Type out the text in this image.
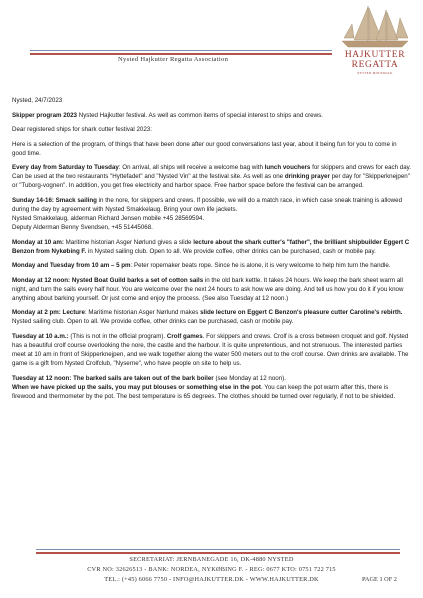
Nysted Hajkutter Regatta Association	HAJKUTTER
REGATTA
NYSTED MOLEDOCK

Nysted, 24/7/2023

Skipper program 2023 Nysted Hajkutter festival. As well as common items of special interest to ships and crews.

Dear registered ships for shark cutter festival 2023:

Here is a selection of the program, of things that have been done after our good conversations last year, about it being fun for you to come in good time.

Every day from Saturday to Tuesday: On arrival, all ships will receive a welcome bag with lunch vouchers for skippers and crews for each day. Can be used at the two restaurants "Hyttefadet" and "Nysted Vin" at the festival site. As well as one drinking prayer per day for "Skipperknejpen" or "Tuborg-vognen". In addition, you get free electricity and harbor space. Free harbor space before the festival can be arranged.

Sunday 14-16: Smack sailing in the nore, for skippers and crews. If possible, we will do a match race, in which case sneak training is allowed during the day by agreement with Nysted Smakkelaug. Bring your own life jackets.
Nysted Smakkelaug, alderman Richard Jensen mobile +45 28569594.
Deputy Alderman Benny Svendsen, +45 51445068.

Monday at 10 am: Maritime historian Asger Nørlund gives a slide lecture about the shark cutter's "father", the brilliant shipbuilder Eggert C Benzon from Nykøbing F. in Nysted sailing club. Open to all. We provide coffee, other drinks can be purchased, cash or mobile pay.

Monday and Tuesday from 10 am – 5 pm: Peter ropemaker beats rope. Since he is alone, it is very welcome to help him turn the handle.

Monday at 12 noon: Nysted Boat Guild barks a set of cotton sails in the old bark kettle. It takes 24 hours. We keep the bark sheet warm all night, and turn the sails every half hour. You are welcome over the next 24 hours to ask how we are doing. And tell us how you do it if you know anything about barking yourself. Or just come and enjoy the process. (See also Tuesday at 12 noon.)

Monday at 2 pm: Lecture: Maritime historian Asger Nørlund makes slide lecture on Eggert C Benzon's pleasure cutter Caroline's rebirth. Nysted sailing club. Open to all. We provide coffee, other drinks can be purchased, cash or mobile pay.

Tuesday at 10 a.m.: (This is not in the official program). Crolf games. For skippers and crews. Crolf is a cross between croquet and golf. Nysted has a beautiful crolf course overlooking the nore, the castle and the harbour. It is quite unpretentious, and not strenuous. The interested parties meet at 10 am in front of Skipperknejpen, and we walk together along the water 500 meters out to the crolf course. Own drinks are available. The game is a gift from Nysted Crolfclub, "Nyserne", who have people on site to help us.

Tuesday at 12 noon: The barked sails are taken out of the bark boiler (see Monday at 12 noon).
When we have picked up the sails, you may put blouses or something else in the pot. You can keep the pot warm after this, there is firewood and thermometer by the pot. The best temperature is 65 degrees. The clothes should be turned over regularly, if not to be shielded.

SECRETARIAT: JERNBANEGADE 16, DK-4880 NYSTED
CVR NO: 32626513 - BANK: NORDEA, NYKØBING F. - REG: 0677 KTO: 0751 722 715
TEL.: (+45) 6066 7750 - INFO@HAJKUTTER.DK - WWW.HAJKUTTER.DK	PAGE 1 OF 2
